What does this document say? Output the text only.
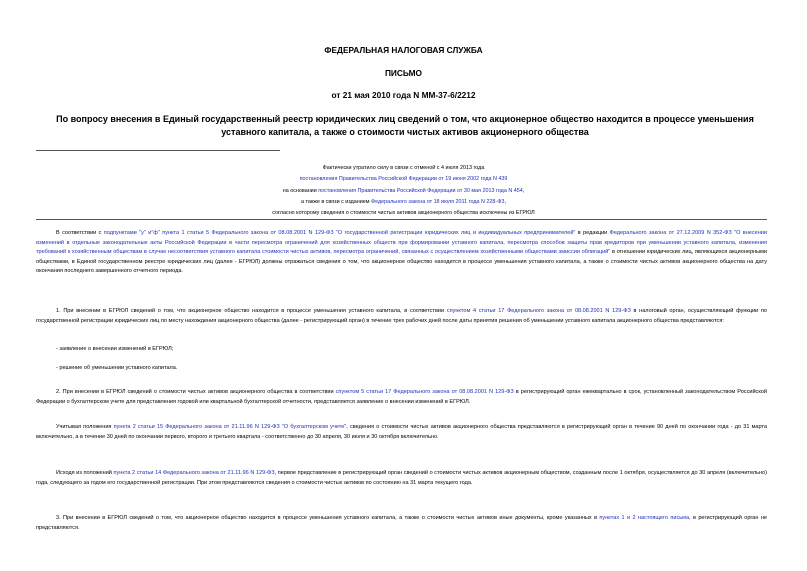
ФЕДЕРАЛЬНАЯ НАЛОГОВАЯ СЛУЖБА
ПИСЬМО
от 21 мая 2010 года N ММ-37-6/2212
По вопросу внесения в Единый государственный реестр юридических лиц сведений о том, что акционерное общество находится в процессе уменьшения
уставного капитала, а также о стоимости чистых активов акционерного общества
Фактически утратило силу в связи с отменой с 4 июля 2013 года
постановления Правительства Российской Федерации от 19 июня 2002 года N 439
на основании постановления Правительства Российской Федерации от 30 мая 2013 года N 454,
а также в связи с изданием Федерального закона от 18 июля 2011 года N 228-ФЗ,
согласно которому сведения о стоимости чистых активов акционерного общества исключены из ЕГРЮЛ
В соответствии с подпунктами "у" и"ф" пункта 1 статьи 5 Федерального закона от 08.08.2001 N 129-ФЗ "О государственной регистрации юридических лиц и индивидуальных предпринимателей" в редакции Федерального закона от 27.12.2009 N 352-ФЗ "О внесении изменений в отдельные законодательные акты Российской Федерации в части пересмотра ограничений для хозяйственных обществ при формировании уставного капитала, пересмотра способов защиты прав кредиторов при уменьшении уставного капитала, изменения требований к хозяйственным обществам в случае несоответствия уставного капитала стоимости чистых активов, пересмотра ограничений, связанных с осуществлением хозяйственными обществами эмиссии облигаций" в отношении юридических лиц, являющихся акционерными обществами, в Единой государственном реестре юридических лиц (далее - ЕГРЮЛ) должны отражаться сведения о том, что акционерное общество находится в процессе уменьшения уставного капитала, а также о стоимости чистых активов акционерного общества на дату окончания последнего завершенного отчетного периода.
1. При внесении в ЕГРЮЛ сведений о том, что акционерное общество находится в процессе уменьшения уставного капитала, в соответствии спунктом 4 статьи 17 Федерального закона от 08.08.2001 N 129-ФЗ в налоговый орган, осуществляющий функции по государственной регистрации юридических лиц по месту нахождения акционерного общества (далее - регистрирующий орган) в течение трех рабочих дней после даты принятия решения об уменьшении уставного капитала акционерного общества представляются:
- заявление о внесении изменений в ЕГРЮЛ;
- решение об уменьшении уставного капитала.
2. При внесении в ЕГРЮЛ сведений о стоимости чистых активов акционерного общества в соответствии спунктом 5 статьи 17 Федерального закона от 08.08.2001 N 129-ФЗ в регистрирующий орган ежеквартально в срок, установленный законодательством Российской Федерации о бухгалтерском учете для представления годовой или квартальной бухгалтерской отчетности, представляется заявление о внесении изменений в ЕГРЮЛ.
Учитывая положения пункта 2 статьи 15 Федерального закона от 21.11.96 N 129-ФЗ "О бухгалтерском учете", сведения о стоимости чистых активов акционерного общества представляются в регистрирующий орган в течение 90 дней по окончании года - до 31 марта включительно, а в течение 30 дней по окончании первого, второго и третьего квартала - соответственно до 30 апреля, 30 июля и 30 октября включительно.
Исходя из положений пункта 2 статьи 14 Федерального закона от 21.11.96 N 129-ФЗ, первое представление в регистрирующий орган сведений о стоимости чистых активов акционерным обществом, созданным после 1 октября, осуществляется до 30 апреля (включительно) года, следующего за годом его государственной регистрации. При этом представляются сведения о стоимости чистых активов по состоянию на 31 марта текущего года.
3. При внесении в ЕГРЮЛ сведений о том, что акционерное общество находится в процессе уменьшения уставного капитала, а также о стоимости чистых активов иные документы, кроме указанных в пунктах 1 и 2 настоящего письма, в регистрирующий орган не представляются.
